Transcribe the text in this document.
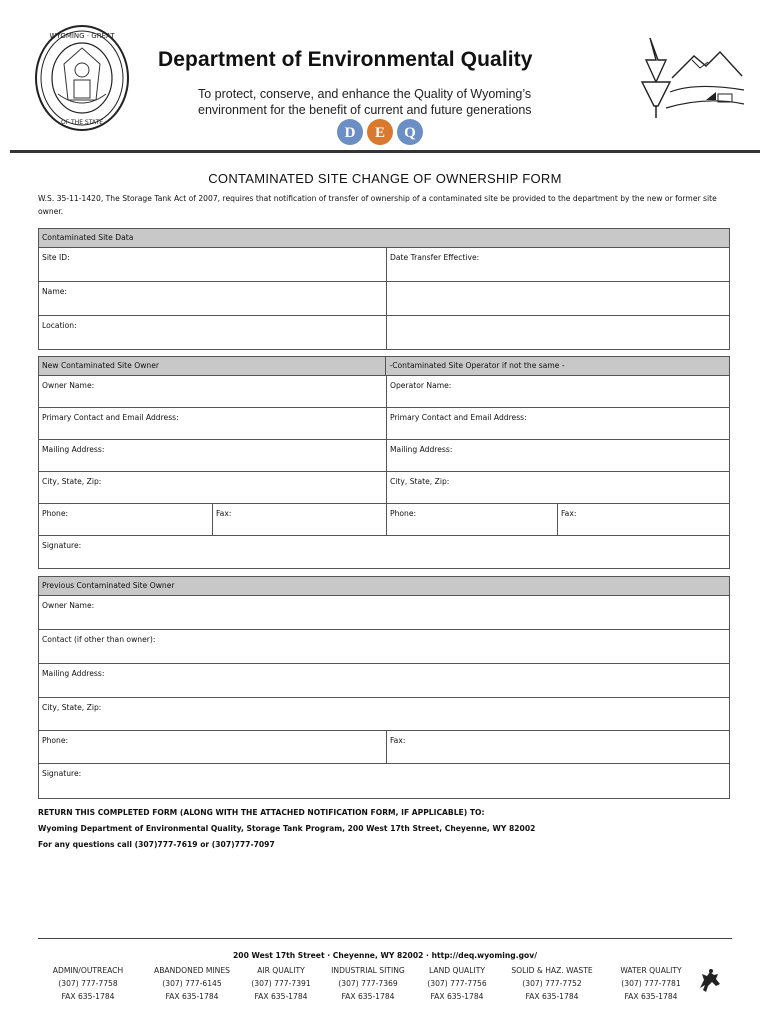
WYOMING · GREAT
OF THE STATE
Department of Environmental Quality
To protect, conserve, and enhance the Quality of Wyoming’s
environment for the benefit of current and future generations
D E Q
CONTAMINATED SITE CHANGE OF OWNERSHIP FORM
W.S. 35-11-1420, The Storage Tank Act of 2007, requires that notification of transfer of ownership of a contaminated site be provided to the department by the new or former site owner.
Contaminated Site Data
Site ID:	Date Transfer Effective:
Name:
Location:
New Contaminated Site Owner	-Contaminated Site Operator if not the same -
Owner Name:	Operator Name:
Primary Contact and Email Address:	Primary Contact and Email Address:
Mailing Address:	Mailing Address:
City, State, Zip:	City, State, Zip:
Phone:	Fax:	Phone:	Fax:
Signature:
Previous Contaminated Site Owner
Owner Name:
Contact (if other than owner):
Mailing Address:
City, State, Zip:
Phone:	Fax:
Signature:
RETURN THIS COMPLETED FORM (ALONG WITH THE ATTACHED NOTIFICATION FORM, IF APPLICABLE) TO:
Wyoming Department of Environmental Quality, Storage Tank Program, 200 West 17th Street, Cheyenne, WY 82002
For any questions call (307)777-7619 or (307)777-7097
200 West 17th Street · Cheyenne, WY 82002 · http://deq.wyoming.gov/
ADMIN/OUTREACH
(307) 777-7758
FAX 635-1784
ABANDONED MINES
(307) 777-6145
FAX 635-1784
AIR QUALITY
(307) 777-7391
FAX 635-1784
INDUSTRIAL SITING
(307) 777-7369
FAX 635-1784
LAND QUALITY
(307) 777-7756
FAX 635-1784
SOLID & HAZ. WASTE
(307) 777-7752
FAX 635-1784
WATER QUALITY
(307) 777-7781
FAX 635-1784
